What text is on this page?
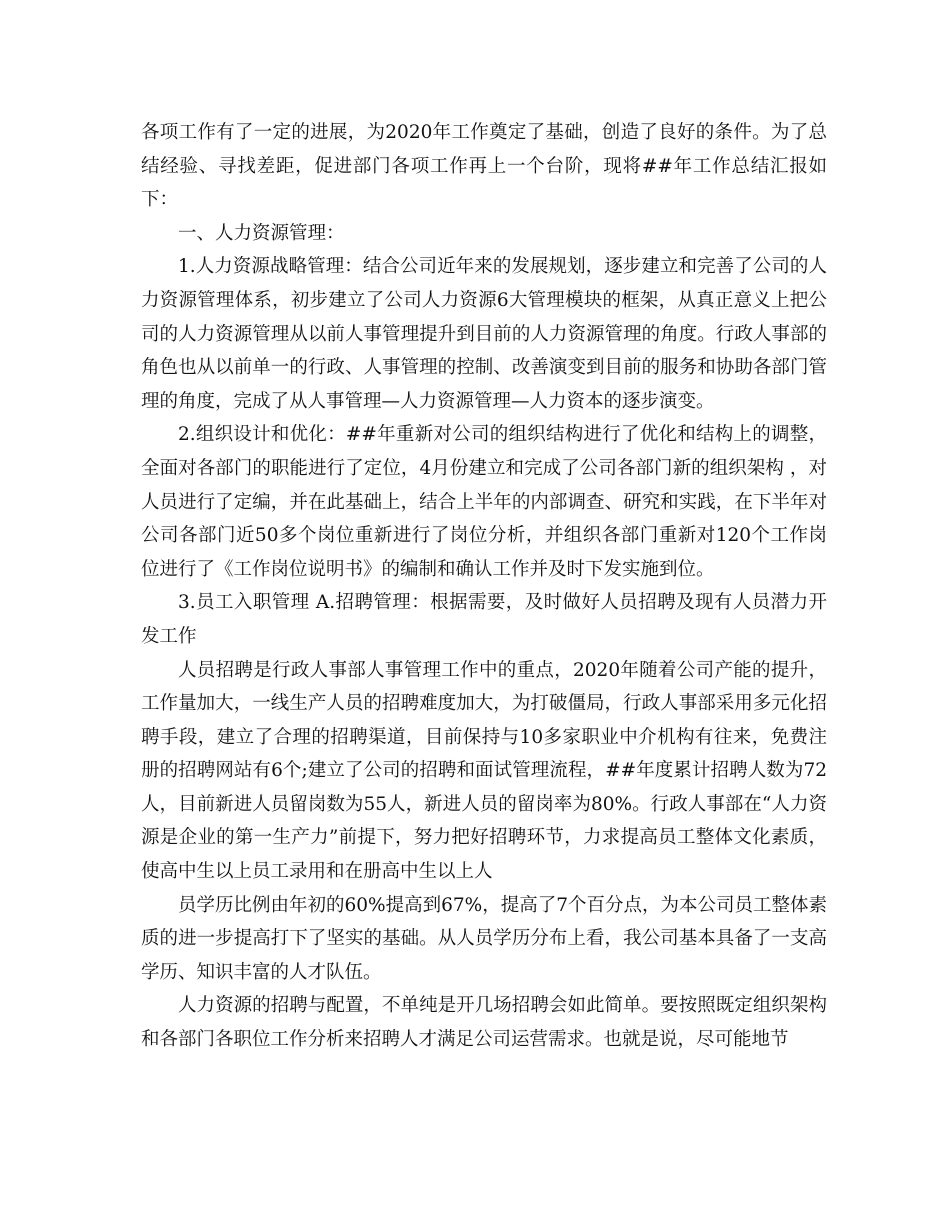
各项工作有了一定的进展，为2020年工作奠定了基础，创造了良好的条件。为了总结经验、寻找差距，促进部门各项工作再上一个台阶，现将##年工作总结汇报如下：

一、人力资源管理：

1.人力资源战略管理：结合公司近年来的发展规划，逐步建立和完善了公司的人力资源管理体系，初步建立了公司人力资源6大管理模块的框架，从真正意义上把公司的人力资源管理从以前人事管理提升到目前的人力资源管理的角度。行政人事部的角色也从以前单一的行政、人事管理的控制、改善演变到目前的服务和协助各部门管理的角度，完成了从人事管理—人力资源管理—人力资本的逐步演变。

2.组织设计和优化：##年重新对公司的组织结构进行了优化和结构上的调整，全面对各部门的职能进行了定位，4月份建立和完成了公司各部门新的组织架构 ，对人员进行了定编，并在此基础上，结合上半年的内部调查、研究和实践，在下半年对公司各部门近50多个岗位重新进行了岗位分析，并组织各部门重新对120个工作岗位进行了《工作岗位说明书》的编制和确认工作并及时下发实施到位。

3.员工入职管理 A.招聘管理：根据需要，及时做好人员招聘及现有人员潜力开发工作

人员招聘是行政人事部人事管理工作中的重点，2020年随着公司产能的提升，工作量加大，一线生产人员的招聘难度加大，为打破僵局，行政人事部采用多元化招聘手段，建立了合理的招聘渠道，目前保持与10多家职业中介机构有往来，免费注册的招聘网站有6个;建立了公司的招聘和面试管理流程，##年度累计招聘人数为72人，目前新进人员留岗数为55人，新进人员的留岗率为80%。行政人事部在“人力资源是企业的第一生产力”前提下，努力把好招聘环节，力求提高员工整体文化素质，使高中生以上员工录用和在册高中生以上人

员学历比例由年初的60%提高到67%，提高了7个百分点，为本公司员工整体素质的进一步提高打下了坚实的基础。从人员学历分布上看，我公司基本具备了一支高学历、知识丰富的人才队伍。

人力资源的招聘与配置，不单纯是开几场招聘会如此简单。要按照既定组织架构和各部门各职位工作分析来招聘人才满足公司运营需求。也就是说，尽可能地节
